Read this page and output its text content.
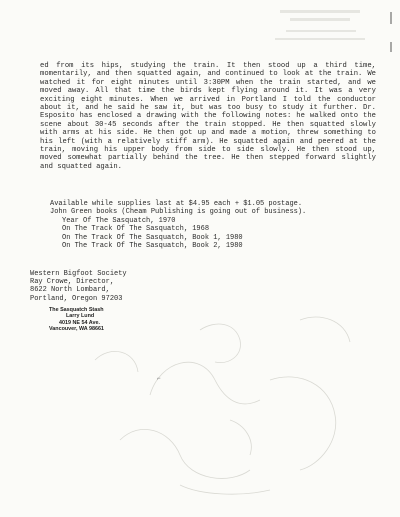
⌐

ed from its hips, studying the train. It then stood up a third time, momentarily, and then squatted again, and continued to look at the train. We watched it for eight minutes until 3:30PM when the train started, and we moved away. All that time the birds kept flying around it. It was a very exciting eight minutes. When we arrived in Portland I told the conductor about it, and he said he saw it, but was too busy to study it further. Dr. Esposito has enclosed a drawing with the following notes: he walked onto the scene about 30-45 seconds after the train stopped. He then squatted slowly with arms at his side. He then got up and made a motion, threw something to his left (with a relatively stiff arm). He squatted again and peered at the train, moving his upper body from side to side slowly. He then stood up, moved somewhat partially behind the tree. He then stepped forward slightly and squatted again.

Available while supplies last at $4.95 each + $1.05 postage.
John Green books (Cheam Publishing is going out of business).
Year Of The Sasquatch, 1970
On The Track Of The Sasquatch, 1968
On The Track Of The Sasquatch, Book 1, 1980
On The Track Of The Sasquatch, Book 2, 1980
Western Bigfoot Society
Ray Crowe, Director,
8622 North Lombard,
Portland, Oregon 97203
The Sasquatch Stash
Larry Lund
4019 NE 54 Ave.
Vancouver, WA 98661
